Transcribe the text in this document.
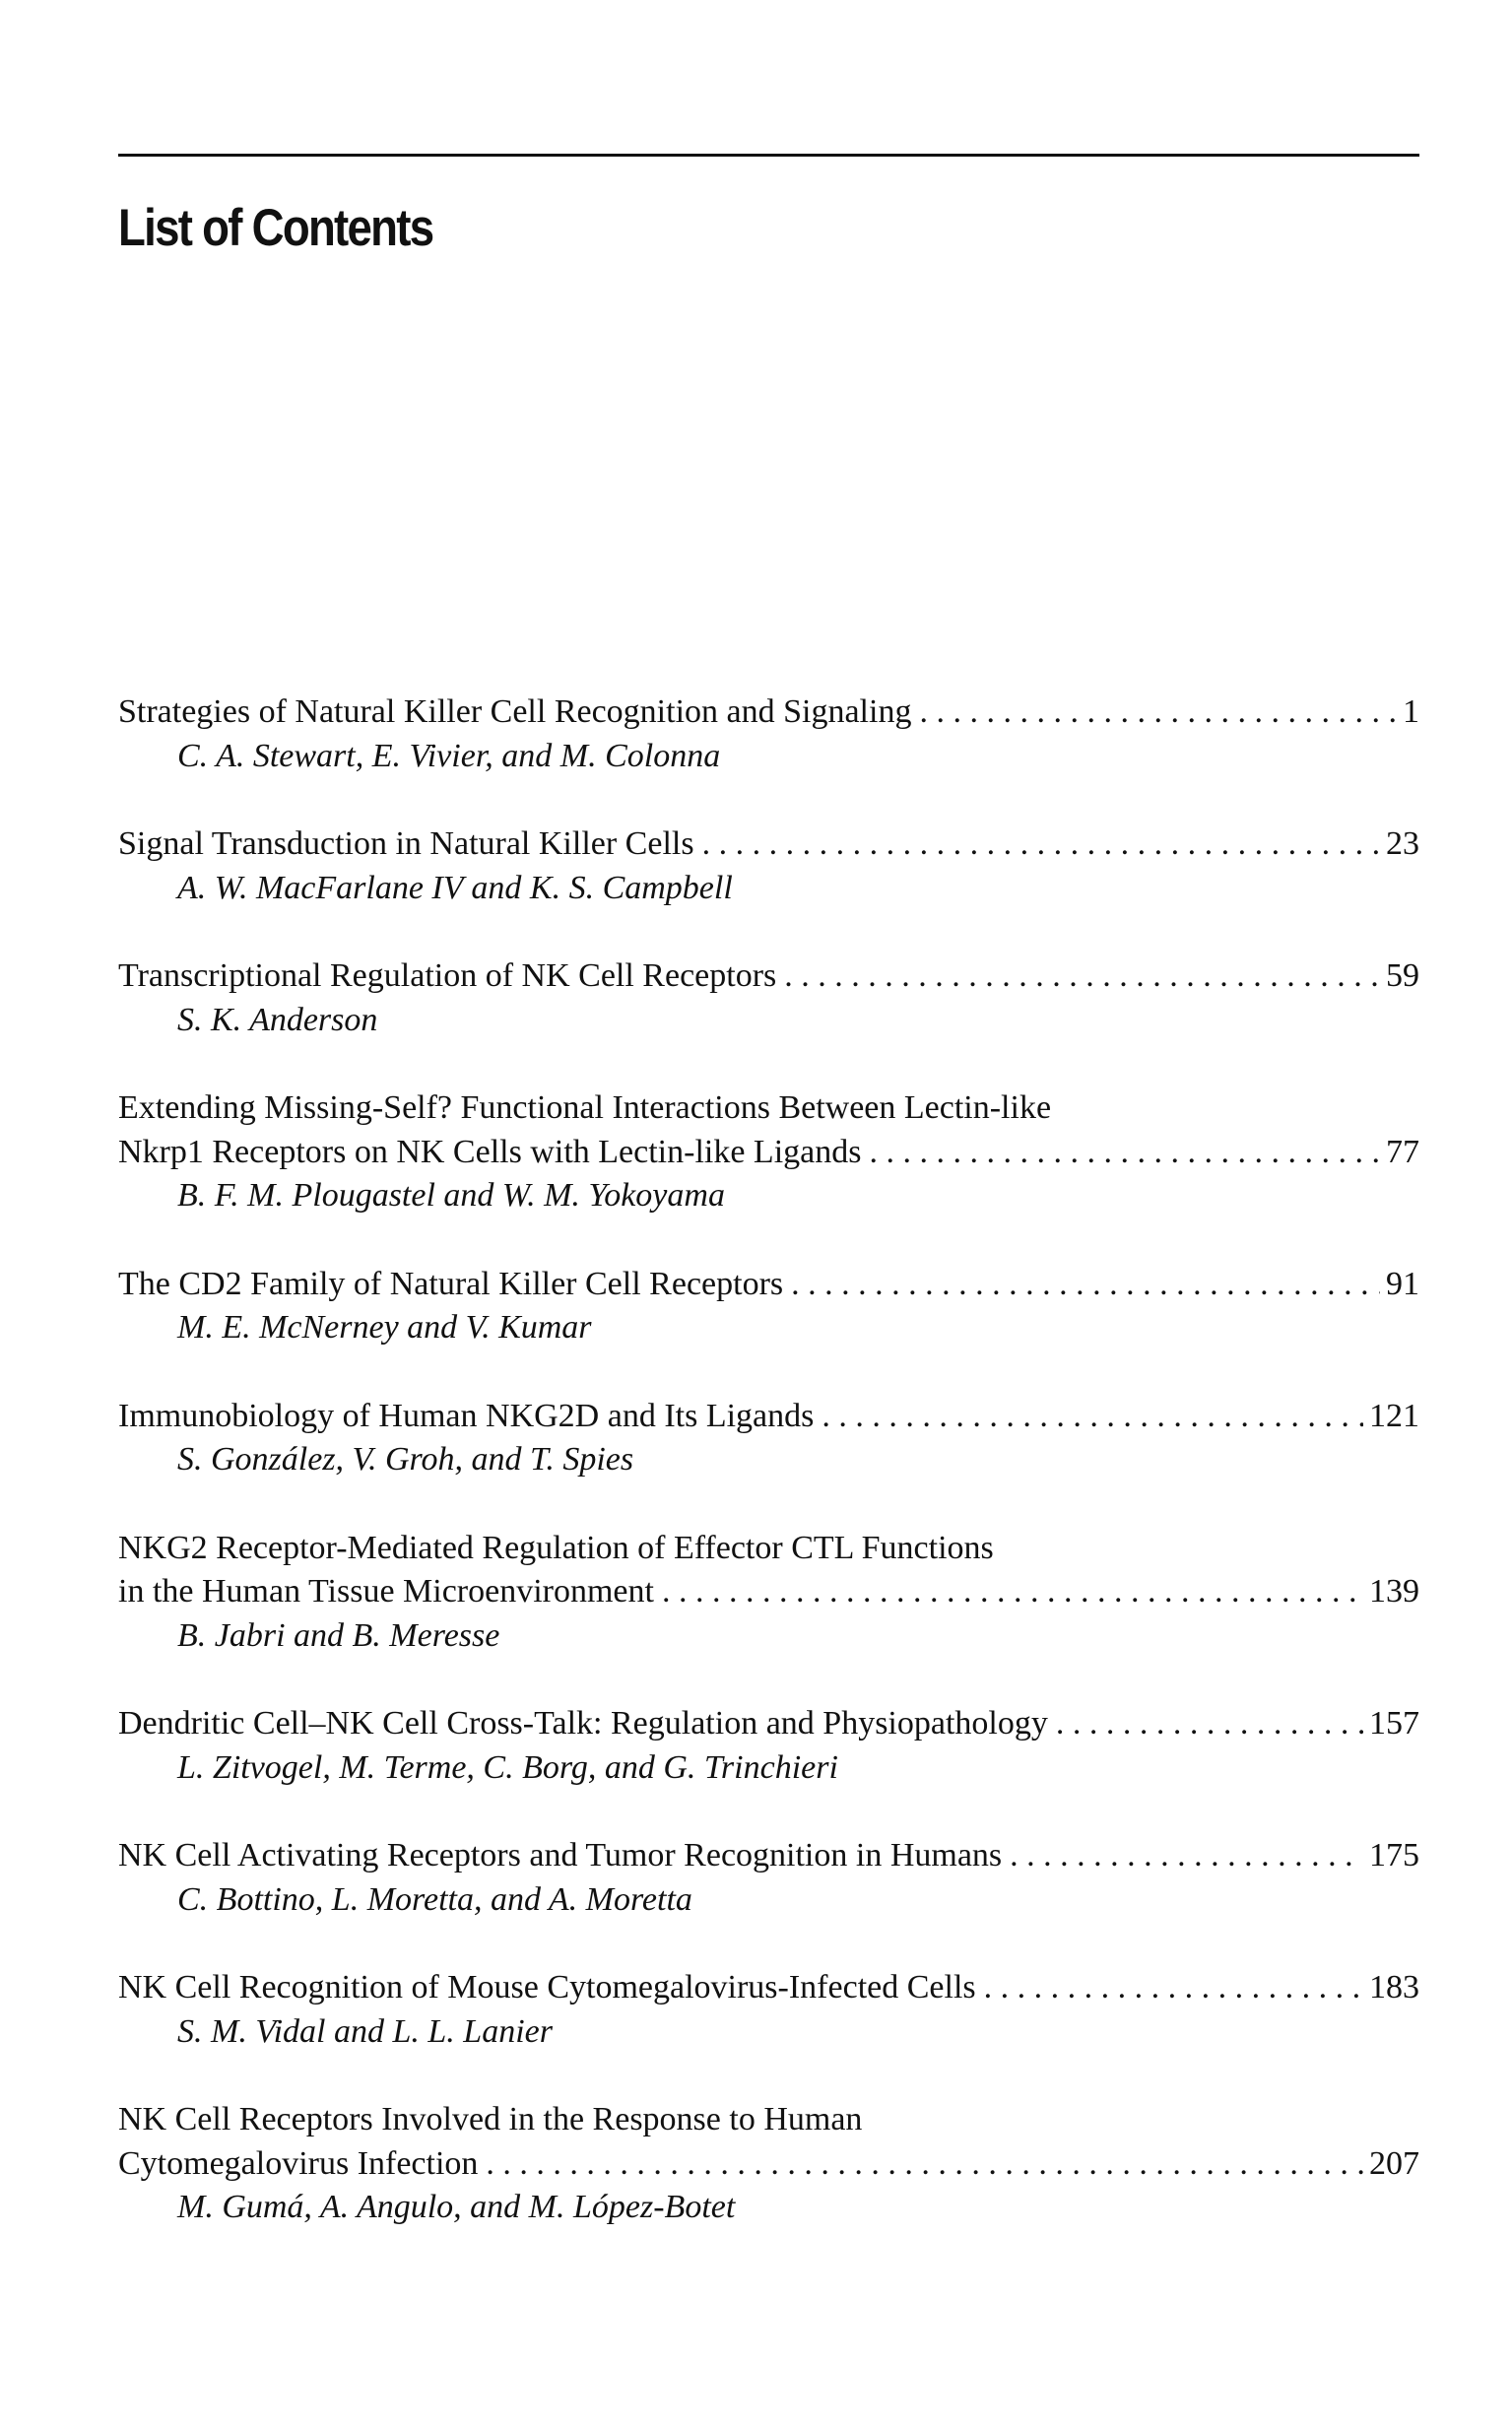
List of Contents
Strategies of Natural Killer Cell Recognition and Signaling . . .	1
C. A. Stewart, E. Vivier, and M. Colonna
Signal Transduction in Natural Killer Cells . . .	23
A. W. MacFarlane IV and K. S. Campbell
Transcriptional Regulation of NK Cell Receptors . . .	59
S. K. Anderson
Extending Missing-Self? Functional Interactions Between Lectin-like
Nkrp1 Receptors on NK Cells with Lectin-like Ligands . . .	77
B. F. M. Plougastel and W. M. Yokoyama
The CD2 Family of Natural Killer Cell Receptors . . .	91
M. E. McNerney and V. Kumar
Immunobiology of Human NKG2D and Its Ligands . . .	121
S. González, V. Groh, and T. Spies
NKG2 Receptor-Mediated Regulation of Effector CTL Functions
in the Human Tissue Microenvironment . . .	139
B. Jabri and B. Meresse
Dendritic Cell–NK Cell Cross-Talk: Regulation and Physiopathology . . .	157
L. Zitvogel, M. Terme, C. Borg, and G. Trinchieri
NK Cell Activating Receptors and Tumor Recognition in Humans . . .	175
C. Bottino, L. Moretta, and A. Moretta
NK Cell Recognition of Mouse Cytomegalovirus-Infected Cells . . .	183
S. M. Vidal and L. L. Lanier
NK Cell Receptors Involved in the Response to Human
Cytomegalovirus Infection . . .	207
M. Gumá, A. Angulo, and M. López-Botet
